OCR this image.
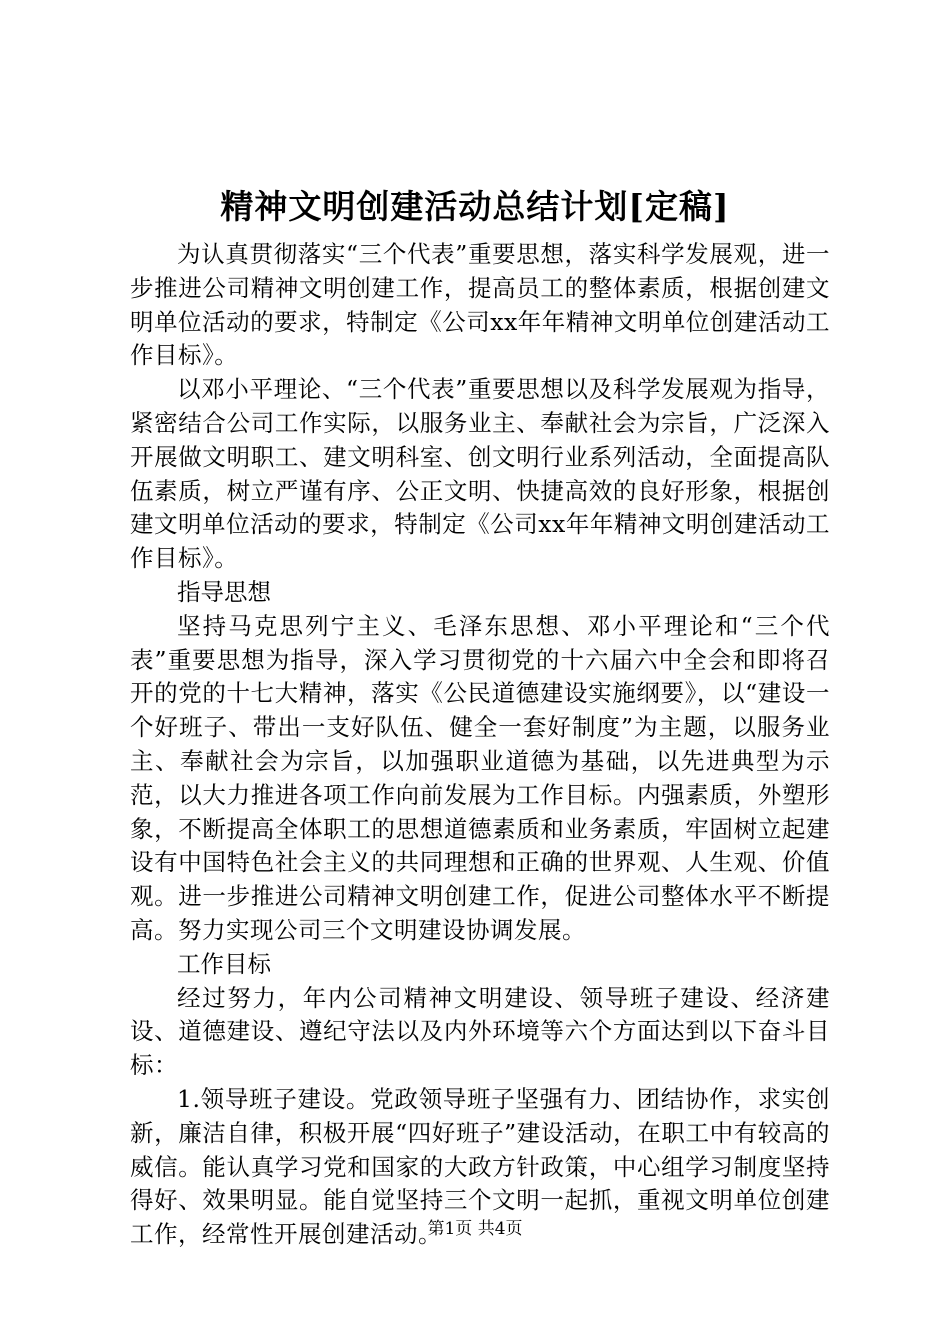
精神文明创建活动总结计划[定稿]

为认真贯彻落实“三个代表”重要思想，落实科学发展观，进一步推进公司精神文明创建工作，提高员工的整体素质，根据创建文明单位活动的要求，特制定《公司xx年年精神文明单位创建活动工作目标》。

以邓小平理论、“三个代表”重要思想以及科学发展观为指导，紧密结合公司工作实际，以服务业主、奉献社会为宗旨，广泛深入开展做文明职工、建文明科室、创文明行业系列活动，全面提高队伍素质，树立严谨有序、公正文明、快捷高效的良好形象，根据创建文明单位活动的要求，特制定《公司xx年年精神文明创建活动工作目标》。

指导思想

坚持马克思列宁主义、毛泽东思想、邓小平理论和“三个代表”重要思想为指导，深入学习贯彻党的十六届六中全会和即将召开的党的十七大精神，落实《公民道德建设实施纲要》，以“建设一个好班子、带出一支好队伍、健全一套好制度”为主题，以服务业主、奉献社会为宗旨，以加强职业道德为基础，以先进典型为示范，以大力推进各项工作向前发展为工作目标。内强素质，外塑形象，不断提高全体职工的思想道德素质和业务素质，牢固树立起建设有中国特色社会主义的共同理想和正确的世界观、人生观、价值观。进一步推进公司精神文明创建工作，促进公司整体水平不断提高。努力实现公司三个文明建设协调发展。

工作目标

经过努力，年内公司精神文明建设、领导班子建设、经济建设、道德建设、遵纪守法以及内外环境等六个方面达到以下奋斗目标：

1.领导班子建设。党政领导班子坚强有力、团结协作，求实创新，廉洁自律，积极开展“四好班子”建设活动，在职工中有较高的威信。能认真学习党和国家的大政方针政策，中心组学习制度坚持得好、效果明显。能自觉坚持三个文明一起抓，重视文明单位创建工作，经常性开展创建活动。

第1页 共4页
